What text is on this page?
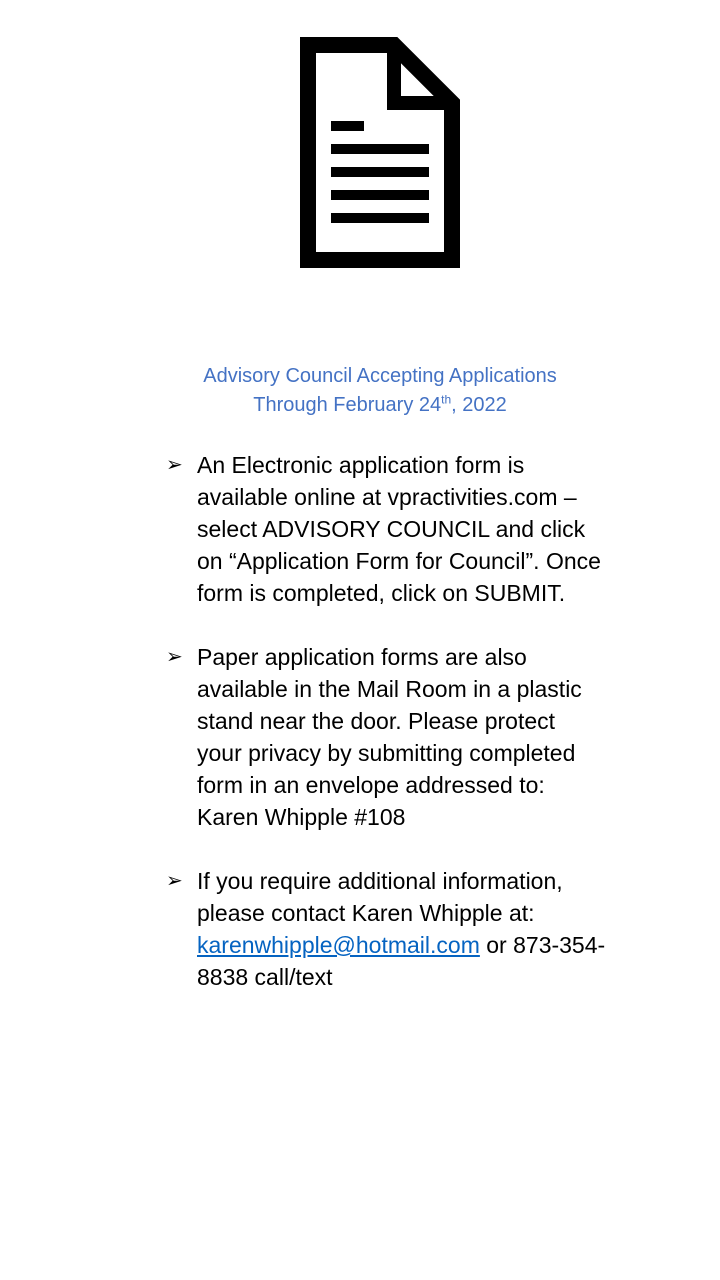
Advisory Council Accepting Applications
Through February 24th, 2022
➢ An Electronic application form is available online at vpractivities.com – select ADVISORY COUNCIL and click on “Application Form for Council”. Once form is completed, click on SUBMIT.
➢ Paper application forms are also available in the Mail Room in a plastic stand near the door. Please protect your privacy by submitting completed form in an envelope addressed to: Karen Whipple #108
➢ If you require additional information, please contact Karen Whipple at: karenwhipple@hotmail.com or 873-354-8838 call/text
